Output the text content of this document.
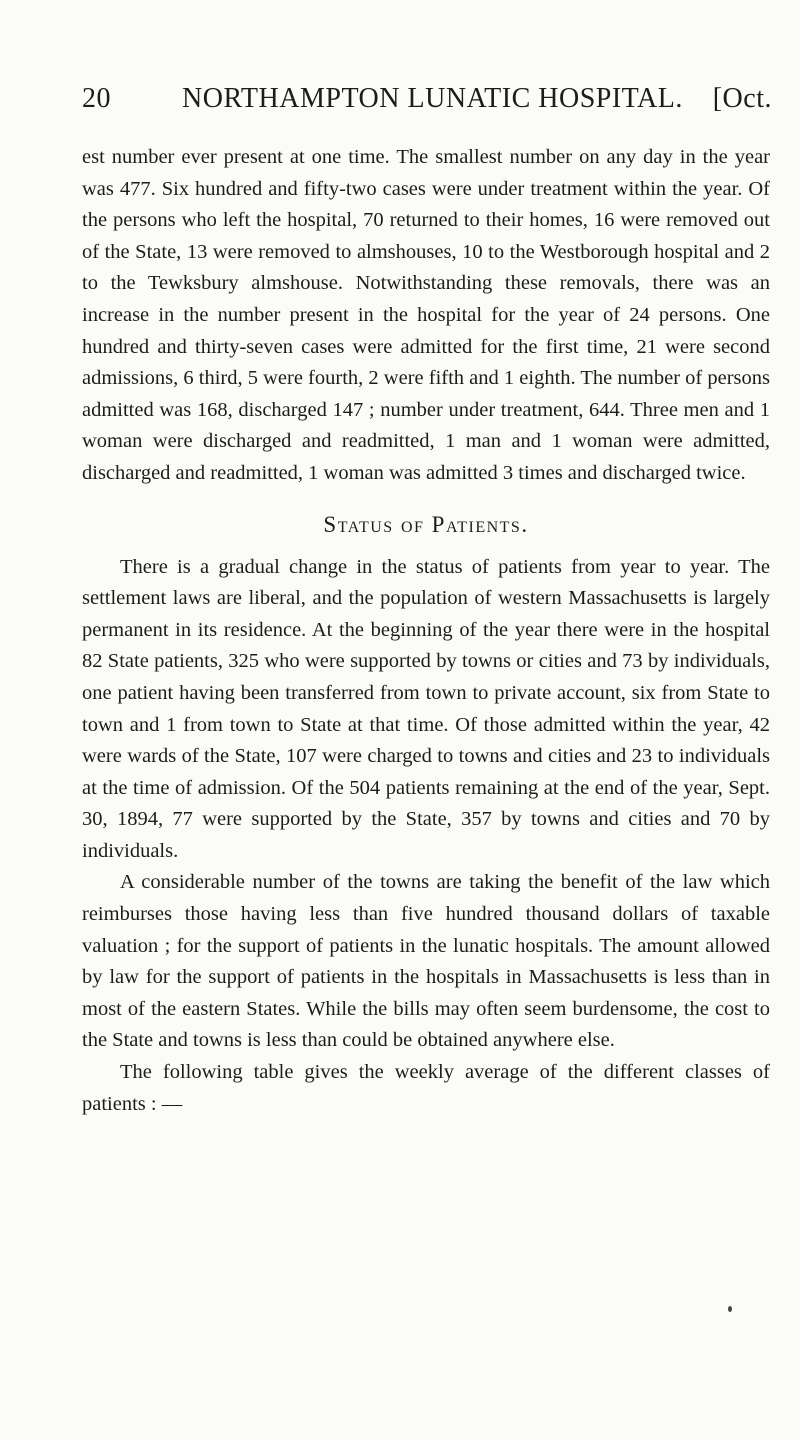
20	NORTHAMPTON LUNATIC HOSPITAL. [Oct.

est number ever present at one time. The smallest number on any day in the year was 477. Six hundred and fifty-two cases were under treatment within the year. Of the persons who left the hospital, 70 returned to their homes, 16 were removed out of the State, 13 were removed to almshouses, 10 to the Westborough hospital and 2 to the Tewksbury almshouse. Notwithstanding these removals, there was an increase in the number present in the hospital for the year of 24 persons. One hundred and thirty-seven cases were admitted for the first time, 21 were second admissions, 6 third, 5 were fourth, 2 were fifth and 1 eighth. The number of persons admitted was 168, discharged 147 ; number under treatment, 644. Three men and 1 woman were discharged and readmitted, 1 man and 1 woman were admitted, discharged and readmitted, 1 woman was admitted 3 times and discharged twice.

Status of Patients.

There is a gradual change in the status of patients from year to year. The settlement laws are liberal, and the population of western Massachusetts is largely permanent in its residence. At the beginning of the year there were in the hospital 82 State patients, 325 who were supported by towns or cities and 73 by individuals, one patient having been transferred from town to private account, six from State to town and 1 from town to State at that time. Of those admitted within the year, 42 were wards of the State, 107 were charged to towns and cities and 23 to individuals at the time of admission. Of the 504 patients remaining at the end of the year, Sept. 30, 1894, 77 were supported by the State, 357 by towns and cities and 70 by individuals.

A considerable number of the towns are taking the benefit of the law which reimburses those having less than five hundred thousand dollars of taxable valuation ; for the support of patients in the lunatic hospitals. The amount allowed by law for the support of patients in the hospitals in Massachusetts is less than in most of the eastern States. While the bills may often seem burdensome, the cost to the State and towns is less than could be obtained anywhere else.

The following table gives the weekly average of the different classes of patients : —
